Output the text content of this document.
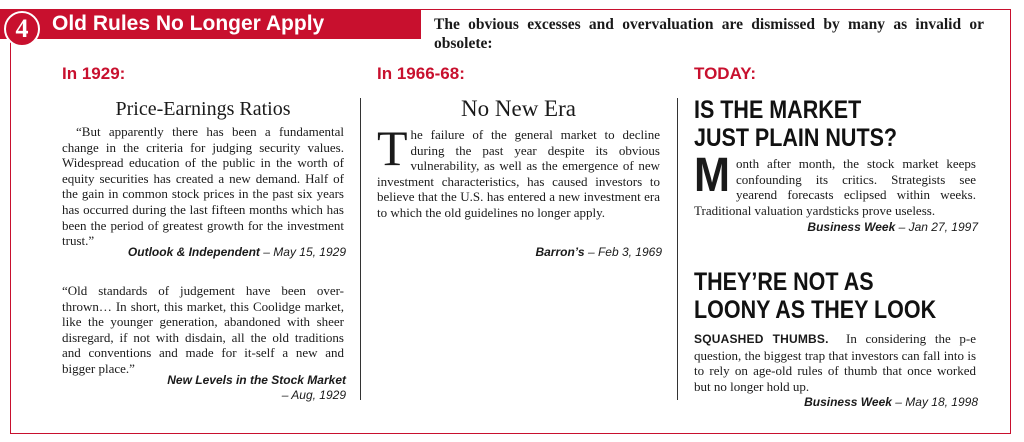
4	Old Rules No Longer Apply	The obvious excesses and overvaluation are dismissed by many as invalid or obsolete:
In 1929:	In 1966-68:	TODAY:
Price-Earnings Ratios
“But apparently there has been a fundamental change in the criteria for judging security values. Widespread education of the public in the worth of equity securities has created a new demand. Half of the gain in common stock prices in the past six years has occurred during the last fifteen months which has been the period of greatest growth for the investment trust.”
Outlook & Independent – May 15, 1929
“Old standards of judgement have been over-thrown… In short, this market, this Coolidge market, like the younger generation, abandoned with sheer disregard, if not with disdain, all the old traditions and conventions and made for it-self a new and bigger place.”
New Levels in the Stock Market
– Aug, 1929
No New Era
The failure of the general market to decline during the past year despite its obvious vulnerability, as well as the emergence of new investment characteristics, has caused investors to believe that the U.S. has entered a new investment era to which the old guidelines no longer apply.
Barron’s – Feb 3, 1969
IS THE MARKET
JUST PLAIN NUTS?
Month after month, the stock market keeps confounding its critics. Strategists see yearend forecasts eclipsed within weeks. Traditional valuation yardsticks prove useless.
Business Week – Jan 27, 1997
THEY’RE NOT AS
LOONY AS THEY LOOK
SQUASHED THUMBS. In considering the p-e question, the biggest trap that investors can fall into is to rely on age-old rules of thumb that once worked but no longer hold up.
Business Week – May 18, 1998
